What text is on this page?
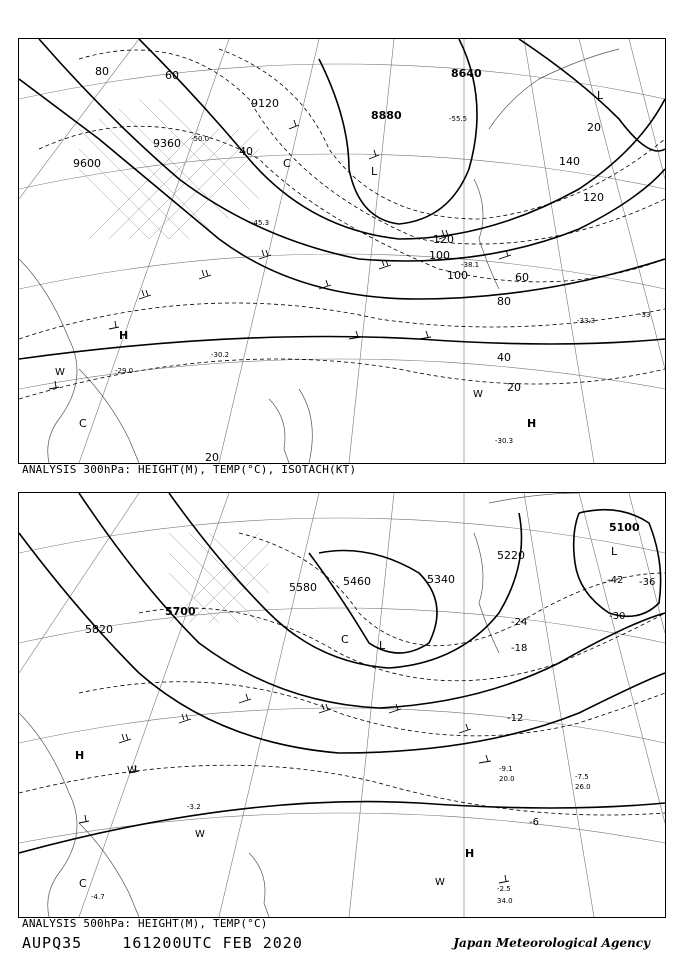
9600
9360
9120
8880
8640
80	60
40
20
20
40
60
80
100
120
140
120
100
20
-30.2
-29.0
-30.3
-33.3
-33
-38.1
-55.5
-45.3
-50.0
H
H
L
L
C
C
W
W
ANALYSIS 300hPa: HEIGHT(M), TEMP(°C), ISOTACH(KT)
5820
5700
5580 5460	5340
5220
5100
-6
-12
-18
-24
-30
-36
-42
-3.2
-4.7
-9.1
-7.5
-2.5
34.0
20.0
26.0
H
H
L
L
C
C
W
W
W
ANALYSIS 500hPa: HEIGHT(M), TEMP(°C)
AUPQ35	161200UTC FEB 2020	Japan Meteorological Agency
